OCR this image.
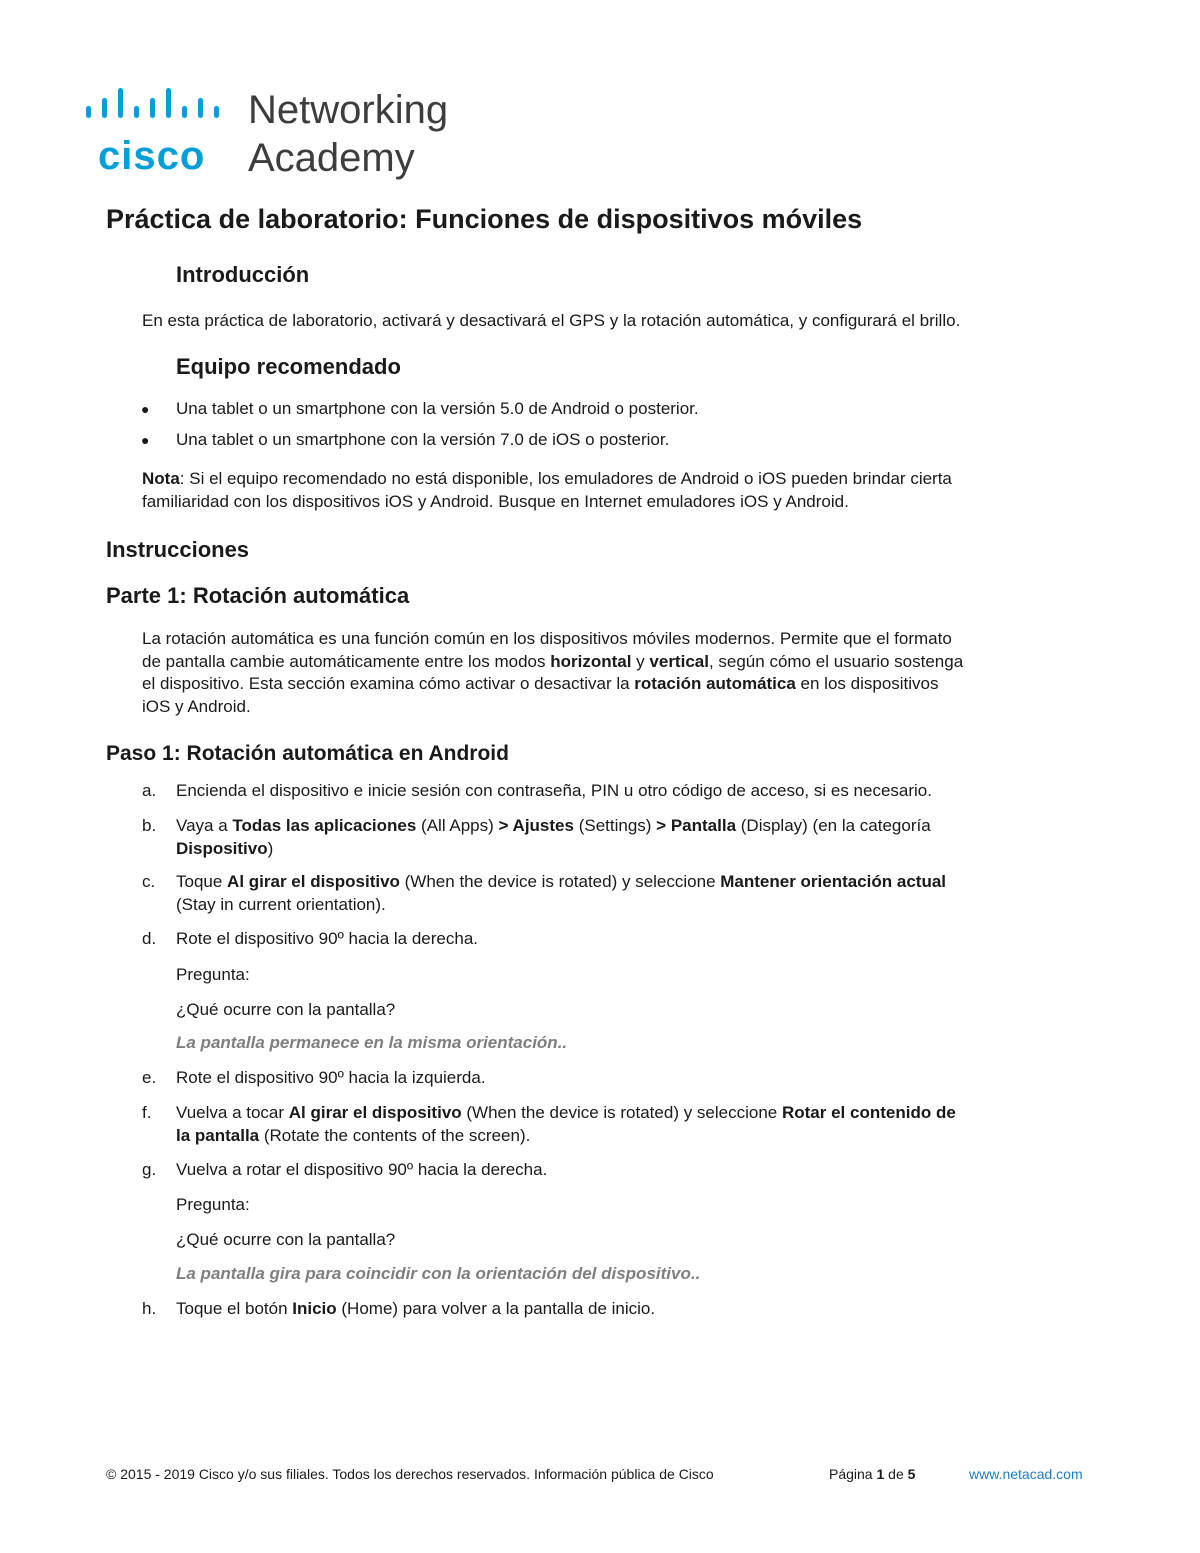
cisco
Networking
Academy
Práctica de laboratorio: Funciones de dispositivos móviles
Introducción

En esta práctica de laboratorio, activará y desactivará el GPS y la rotación automática, y configurará el brillo.

Equipo recomendado
● Una tablet o un smartphone con la versión 5.0 de Android o posterior.

● Una tablet o un smartphone con la versión 7.0 de iOS o posterior.

Nota: Si el equipo recomendado no está disponible, los emuladores de Android o iOS pueden brindar cierta
familiaridad con los dispositivos iOS y Android. Busque en Internet emuladores iOS y Android.

Instrucciones
Parte 1: Rotación automática

La rotación automática es una función común en los dispositivos móviles modernos. Permite que el formato
de pantalla cambie automáticamente entre los modos horizontal y vertical, según cómo el usuario sostenga
el dispositivo. Esta sección examina cómo activar o desactivar la rotación automática en los dispositivos
iOS y Android.

Paso 1: Rotación automática en Android
a. Encienda el dispositivo e inicie sesión con contraseña, PIN u otro código de acceso, si es necesario.

b. Vaya a Todas las aplicaciones (All Apps) > Ajustes (Settings) > Pantalla (Display) (en la categoría
Dispositivo)

c. Toque Al girar el dispositivo (When the device is rotated) y seleccione Mantener orientación actual
(Stay in current orientation).

d. Rote el dispositivo 90º hacia la derecha.

Pregunta:

¿Qué ocurre con la pantalla?

La pantalla permanece en la misma orientación..

e. Rote el dispositivo 90º hacia la izquierda.

f. Vuelva a tocar Al girar el dispositivo (When the device is rotated) y seleccione Rotar el contenido de
la pantalla (Rotate the contents of the screen).

g. Vuelva a rotar el dispositivo 90º hacia la derecha.

Pregunta:

¿Qué ocurre con la pantalla?

La pantalla gira para coincidir con la orientación del dispositivo..

h. Toque el botón Inicio (Home) para volver a la pantalla de inicio.

© 2015 - 2019 Cisco y/o sus filiales. Todos los derechos reservados. Información pública de Cisco	Página 1 de 5	www.netacad.com
